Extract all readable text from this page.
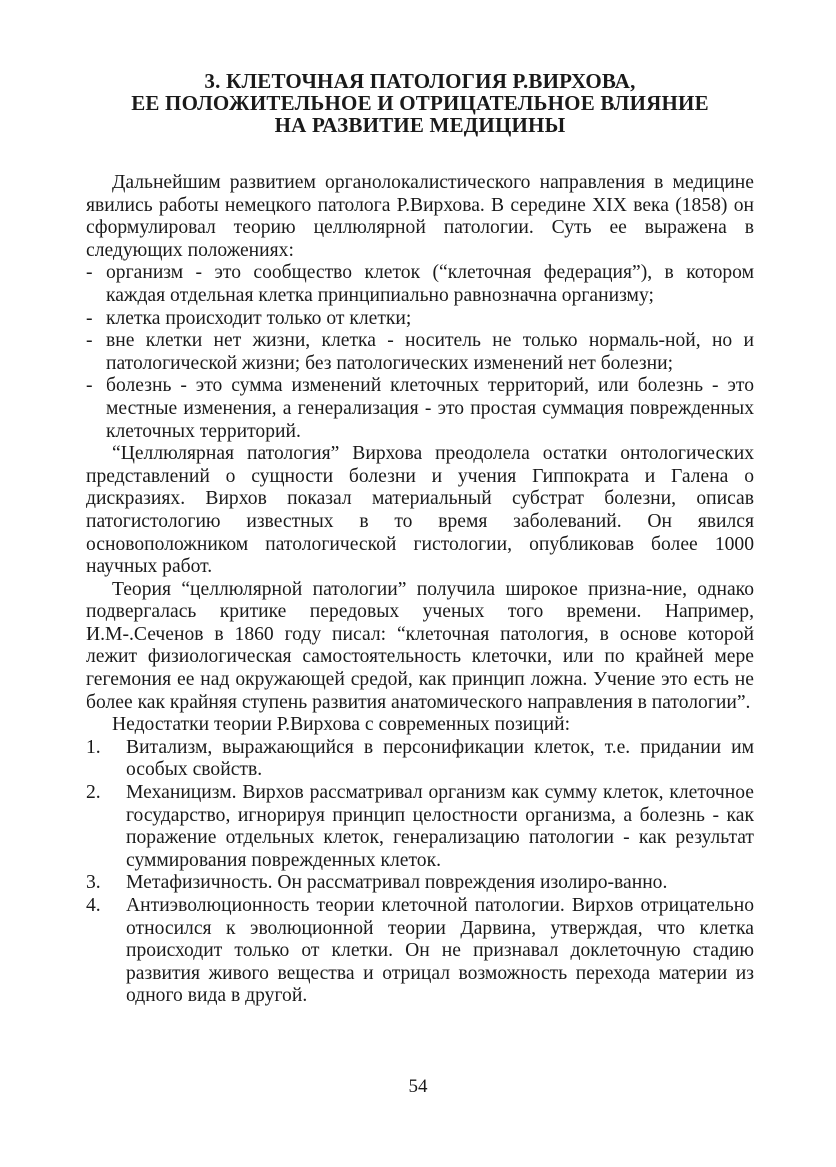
3. КЛЕТОЧНАЯ ПАТОЛОГИЯ Р.ВИРХОВА,
ЕЕ ПОЛОЖИТЕЛЬНОЕ И ОТРИЦАТЕЛЬНОЕ ВЛИЯНИЕ
НА РАЗВИТИЕ МЕДИЦИНЫ

Дальнейшим развитием органолокалистического направления в медицине явились работы немецкого патолога Р.Вирхова. В середине XIX века (1858) он сформулировал теорию целлюлярной патологии. Суть ее выражена в следующих положениях:

- организм - это сообщество клеток (“клеточная федерация”), в котором каждая отдельная клетка принципиально равнозначна организму;
- клетка происходит только от клетки;
- вне клетки нет жизни, клетка - носитель не только нормаль-ной, но и патологической жизни; без патологических изменений нет болезни;
- болезнь - это сумма изменений клеточных территорий, или болезнь - это местные изменения, а генерализация - это простая суммация поврежденных клеточных территорий.

“Целлюлярная патология” Вирхова преодолела остатки онтологических представлений о сущности болезни и учения Гиппократа и Галена о дискразиях. Вирхов показал материальный субстрат болезни, описав патогистологию известных в то время заболеваний. Он явился основоположником патологической гистологии, опубликовав более 1000 научных работ.

Теория “целлюлярной патологии” получила широкое призна-ние, однако подвергалась критике передовых ученых того времени. Например, И.М-.Сеченов в 1860 году писал: “клеточная патология, в основе которой лежит физиологическая самостоятельность клеточки, или по крайней мере гегемония ее над окружающей средой, как принцип ложна. Учение это есть не более как крайняя ступень развития анатомического направления в патологии”.

Недостатки теории Р.Вирхова с современных позиций:

1. Витализм, выражающийся в персонификации клеток, т.е. придании им особых свойств.
2. Механицизм. Вирхов рассматривал организм как сумму клеток, клеточное государство, игнорируя принцип целостности организма, а болезнь - как поражение отдельных клеток, генерализацию патологии - как результат суммирования поврежденных клеток.
3. Метафизичность. Он рассматривал повреждения изолиро-ванно.
4. Антиэволюционность теории клеточной патологии. Вирхов отрицательно относился к эволюционной теории Дарвина, утверждая, что клетка происходит только от клетки. Он не признавал доклеточную стадию развития живого вещества и отрицал возможность перехода материи из одного вида в другой.
54
